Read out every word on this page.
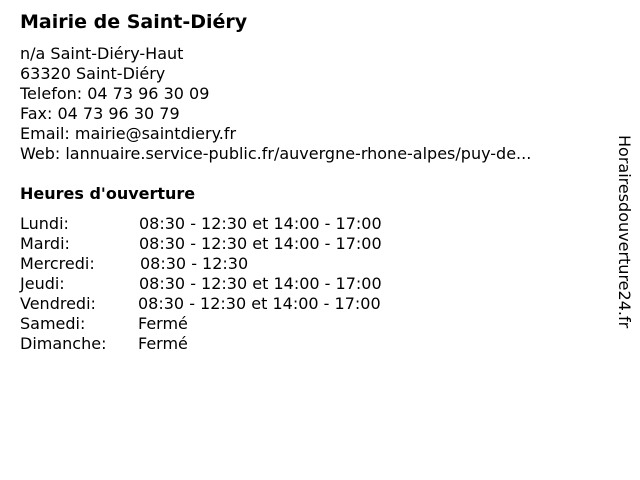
Mairie de Saint-Diéry
n/a Saint-Diéry-Haut
63320 Saint-Diéry
Telefon: 04 73 96 30 09
Fax: 04 73 96 30 79
Email: mairie@saintdiery.fr
Web: lannuaire.service-public.fr/auvergne-rhone-alpes/puy-de...
Heures d'ouverture
Lundi:	08:30 - 12:30 et 14:00 - 17:00
Mardi:	08:30 - 12:30 et 14:00 - 17:00
Mercredi:	08:30 - 12:30
Jeudi:	08:30 - 12:30 et 14:00 - 17:00
Vendredi:	08:30 - 12:30 et 14:00 - 17:00
Samedi:	Fermé
Dimanche: Fermé
Horairesdouverture24.fr
